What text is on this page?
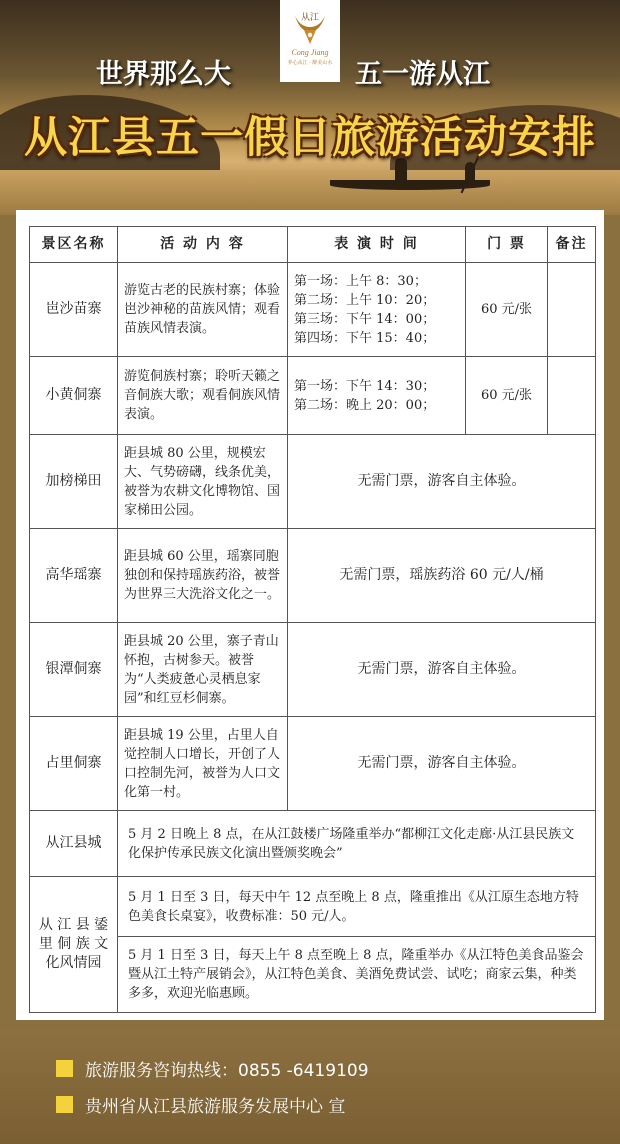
从江
Cong Jiang
养心从江 · 醉美山水
世界那么大	五一游从江
从江县五一假日旅游活动安排
景区名称	活 动 内 容	表 演 时 间	门 票	备注
岜沙苗寨	游览古老的民族村寨；体验岜沙神秘的苗族风情；观看苗族风情表演。	第一场：上午 8：30；
第二场：上午 10：20；
第三场：下午 14：00；
第四场：下午 15：40；	60 元/张	
小黄侗寨	游览侗族村寨；聆听天籁之音侗族大歌；观看侗族风情表演。	第一场：下午 14：30；
第二场：晚上 20：00；	60 元/张	
加榜梯田	距县城 80 公里，规模宏大、气势磅礴，线条优美，被誉为农耕文化博物馆、国家梯田公园。	无需门票，游客自主体验。		
高华瑶寨	距县城 60 公里，瑶寨同胞独创和保持瑶族药浴，被誉为世界三大洗浴文化之一。	无需门票，瑶族药浴 60 元/人/桶		
银潭侗寨	距县城 20 公里，寨子青山怀抱，古树参天。被誉为“人类疲惫心灵栖息家园”和红豆杉侗寨。	无需门票，游客自主体验。		
占里侗寨	距县城 19 公里，占里人自觉控制人口增长，开创了人口控制先河，被誉为人口文化第一村。	无需门票，游客自主体验。		
从江县城	5 月 2 日晚上 8 点，在从江鼓楼广场隆重举办“都柳江文化走廊·从江县民族文化保护传承民族文化演出暨颁奖晚会”			

从 江 县 鋈
里 侗 族 文
化风情园	5 月 1 日至 3 日，每天中午 12 点至晚上 8 点，隆重推出《从江原生态地方特色美食长桌宴》，收费标准：50 元/人。			
	5 月 1 日至 3 日，每天上午 8 点至晚上 8 点，隆重举办《从江特色美食品鉴会暨从江土特产展销会》，从江特色美食、美酒免费试尝、试吃；商家云集，种类多多，欢迎光临惠顾。			
旅游服务咨询热线：0855 -6419109
贵州省从江县旅游服务发展中心 宣
